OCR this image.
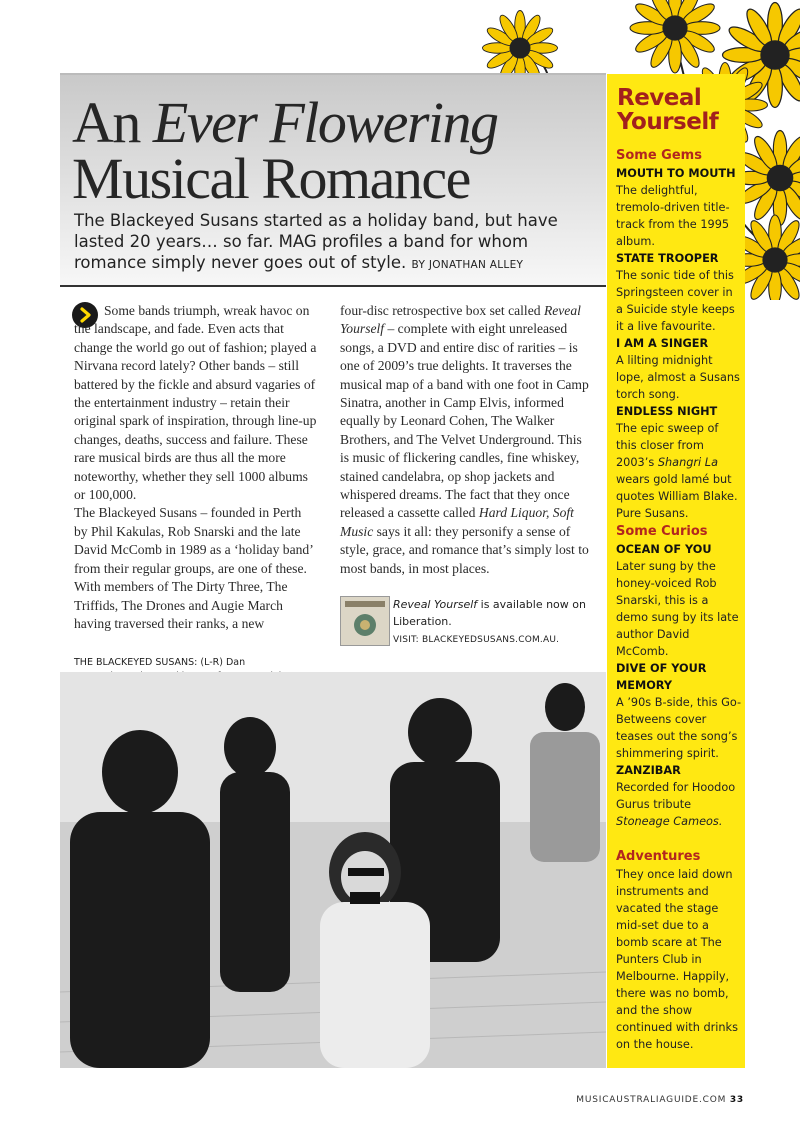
An Ever Flowering
Musical Romance
The Blackeyed Susans started as a holiday band, but have lasted 20 years… so far. MAG profiles a band for whom romance simply never goes out of style. BY JONATHAN ALLEY

Some bands triumph, wreak havoc on the landscape, and fade. Even acts that change the world go out of fashion; played a Nirvana record lately? Other bands – still battered by the fickle and absurd vagaries of the entertainment industry – retain their original spark of inspiration, through line-up changes, deaths, success and failure. These rare musical birds are thus all the more noteworthy, whether they sell 1000 albums or 100,000.

The Blackeyed Susans – founded in Perth by Phil Kakulas, Rob Snarski and the late David McComb in 1989 as a ‘holiday band’ from their regular groups, are one of these. With members of The Dirty Three, The Triffids, The Drones and Augie March having traversed their ranks, a new

four-disc retrospective box set called Reveal Yourself – complete with eight unreleased songs, a DVD and entire disc of rarities – is one of 2009’s true delights. It traverses the musical map of a band with one foot in Camp Sinatra, another in Camp Elvis, informed equally by Leonard Cohen, The Walker Brothers, and The Velvet Underground. This is music of flickering candles, fine whiskey, stained candelabra, op shop jackets and whispered dreams. The fact that they once released a cassette called Hard Liquor, Soft Music says it all: they personify a sense of style, grace, and romance that’s simply lost to most bands, in most places.

Reveal Yourself is available now on Liberation.
VISIT: BLACKEYEDSUSANS.COM.AU.
THE BLACKEYED SUSANS: (L-R) Dan
Reveal Yourself
Some Gems
MOUTH TO MOUTH
The delightful, tremolo-driven title-track from the 1995 album.
STATE TROOPER
The sonic tide of this Springsteen cover in a Suicide style keeps it a live favourite.
I AM A SINGER
A lilting midnight lope, almost a Susans torch song.
ENDLESS NIGHT
The epic sweep of this closer from 2003’s Shangri La wears gold lamé but quotes William Blake. Pure Susans.
Some Curios
OCEAN OF YOU
Later sung by the honey-voiced Rob Snarski, this is a demo sung by its late author David McComb.
DIVE OF YOUR MEMORY
A ’90s B-side, this Go-Betweens cover teases out the song’s shimmering spirit.
ZANZIBAR
Recorded for Hoodoo Gurus tribute Stoneage Cameos.
Adventures
They once laid down instruments and vacated the stage mid-set due to a bomb scare at The Punters Club in Melbourne. Happily, there was no bomb, and the show continued with drinks on the house.
MUSICAUSTRALIAGUIDE.COM 33
